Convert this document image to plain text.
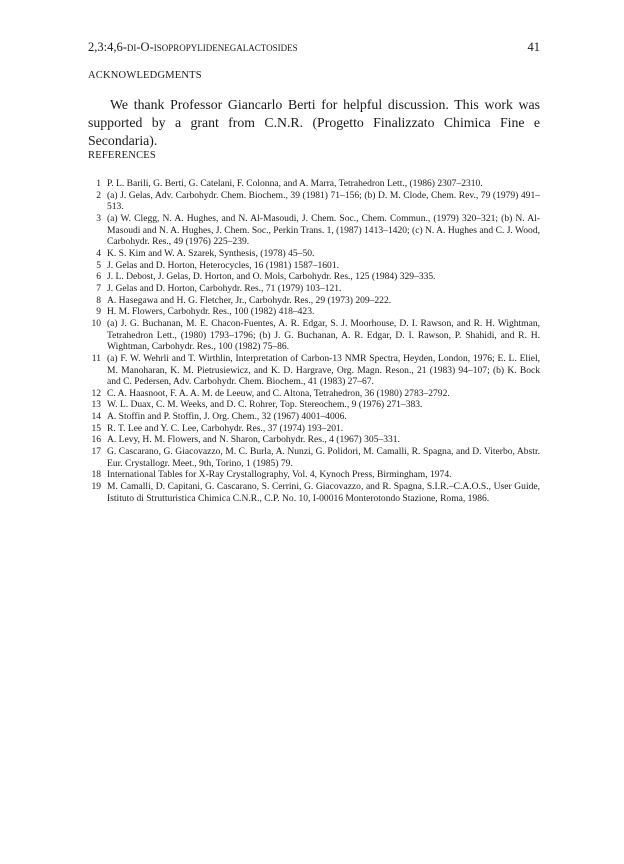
2,3:4,6-di-O-isopropylidenegalactosides	41
ACKNOWLEDGMENTS

We thank Professor Giancarlo Berti for helpful discussion. This work was supported by a grant from C.N.R. (Progetto Finalizzato Chimica Fine e Secondaria).

REFERENCES
1 P. L. Barili, G. Berti, G. Catelani, F. Colonna, and A. Marra, Tetrahedron Lett., (1986) 2307–2310.
2 (a) J. Gelas, Adv. Carbohydr. Chem. Biochem., 39 (1981) 71–156; (b) D. M. Clode, Chem. Rev., 79 (1979) 491–513.
3 (a) W. Clegg, N. A. Hughes, and N. Al-Masoudi, J. Chem. Soc., Chem. Commun., (1979) 320–321; (b) N. Al-Masoudi and N. A. Hughes, J. Chem. Soc., Perkin Trans. 1, (1987) 1413–1420; (c) N. A. Hughes and C. J. Wood, Carbohydr. Res., 49 (1976) 225–239.
4 K. S. Kim and W. A. Szarek, Synthesis, (1978) 45–50.
5 J. Gelas and D. Horton, Heterocycles, 16 (1981) 1587–1601.
6 J. L. Debost, J. Gelas, D. Horton, and O. Mols, Carbohydr. Res., 125 (1984) 329–335.
7 J. Gelas and D. Horton, Carbohydr. Res., 71 (1979) 103–121.
8 A. Hasegawa and H. G. Fletcher, Jr., Carbohydr. Res., 29 (1973) 209–222.
9 H. M. Flowers, Carbohydr. Res., 100 (1982) 418–423.
10 (a) J. G. Buchanan, M. E. Chacon-Fuentes, A. R. Edgar, S. J. Moorhouse, D. I. Rawson, and R. H. Wightman, Tetrahedron Lett., (1980) 1793–1796; (b) J. G. Buchanan, A. R. Edgar, D. I. Rawson, P. Shahidi, and R. H. Wightman, Carbohydr. Res., 100 (1982) 75–86.
11 (a) F. W. Wehrli and T. Wirthlin, Interpretation of Carbon-13 NMR Spectra, Heyden, London, 1976; E. L. Eliel, M. Manoharan, K. M. Pietrusiewicz, and K. D. Hargrave, Org. Magn. Reson., 21 (1983) 94–107; (b) K. Bock and C. Pedersen, Adv. Carbohydr. Chem. Biochem., 41 (1983) 27–67.
12 C. A. Haasnoot, F. A. A. M. de Leeuw, and C. Altona, Tetrahedron, 36 (1980) 2783–2792.
13 W. L. Duax, C. M. Weeks, and D. C. Rohrer, Top. Stereochem., 9 (1976) 271–383.
14 A. Stoffin and P. Stoffin, J. Org. Chem., 32 (1967) 4001–4006.
15 R. T. Lee and Y. C. Lee, Carbohydr. Res., 37 (1974) 193–201.
16 A. Levy, H. M. Flowers, and N. Sharon, Carbohydr. Res., 4 (1967) 305–331.
17 G. Cascarano, G. Giacovazzo, M. C. Burla, A. Nunzi, G. Polidori, M. Camalli, R. Spagna, and D. Viterbo, Abstr. Eur. Crystallogr. Meet., 9th, Torino, 1 (1985) 79.
18 International Tables for X-Ray Crystallography, Vol. 4, Kynoch Press, Birmingham, 1974.
19 M. Camalli, D. Capitani, G. Cascarano, S. Cerrini, G. Giacovazzo, and R. Spagna, S.I.R.–C.A.O.S., User Guide, Istituto di Strutturistica Chimica C.N.R., C.P. No. 10, I-00016 Monterotondo Stazione, Roma, 1986.
